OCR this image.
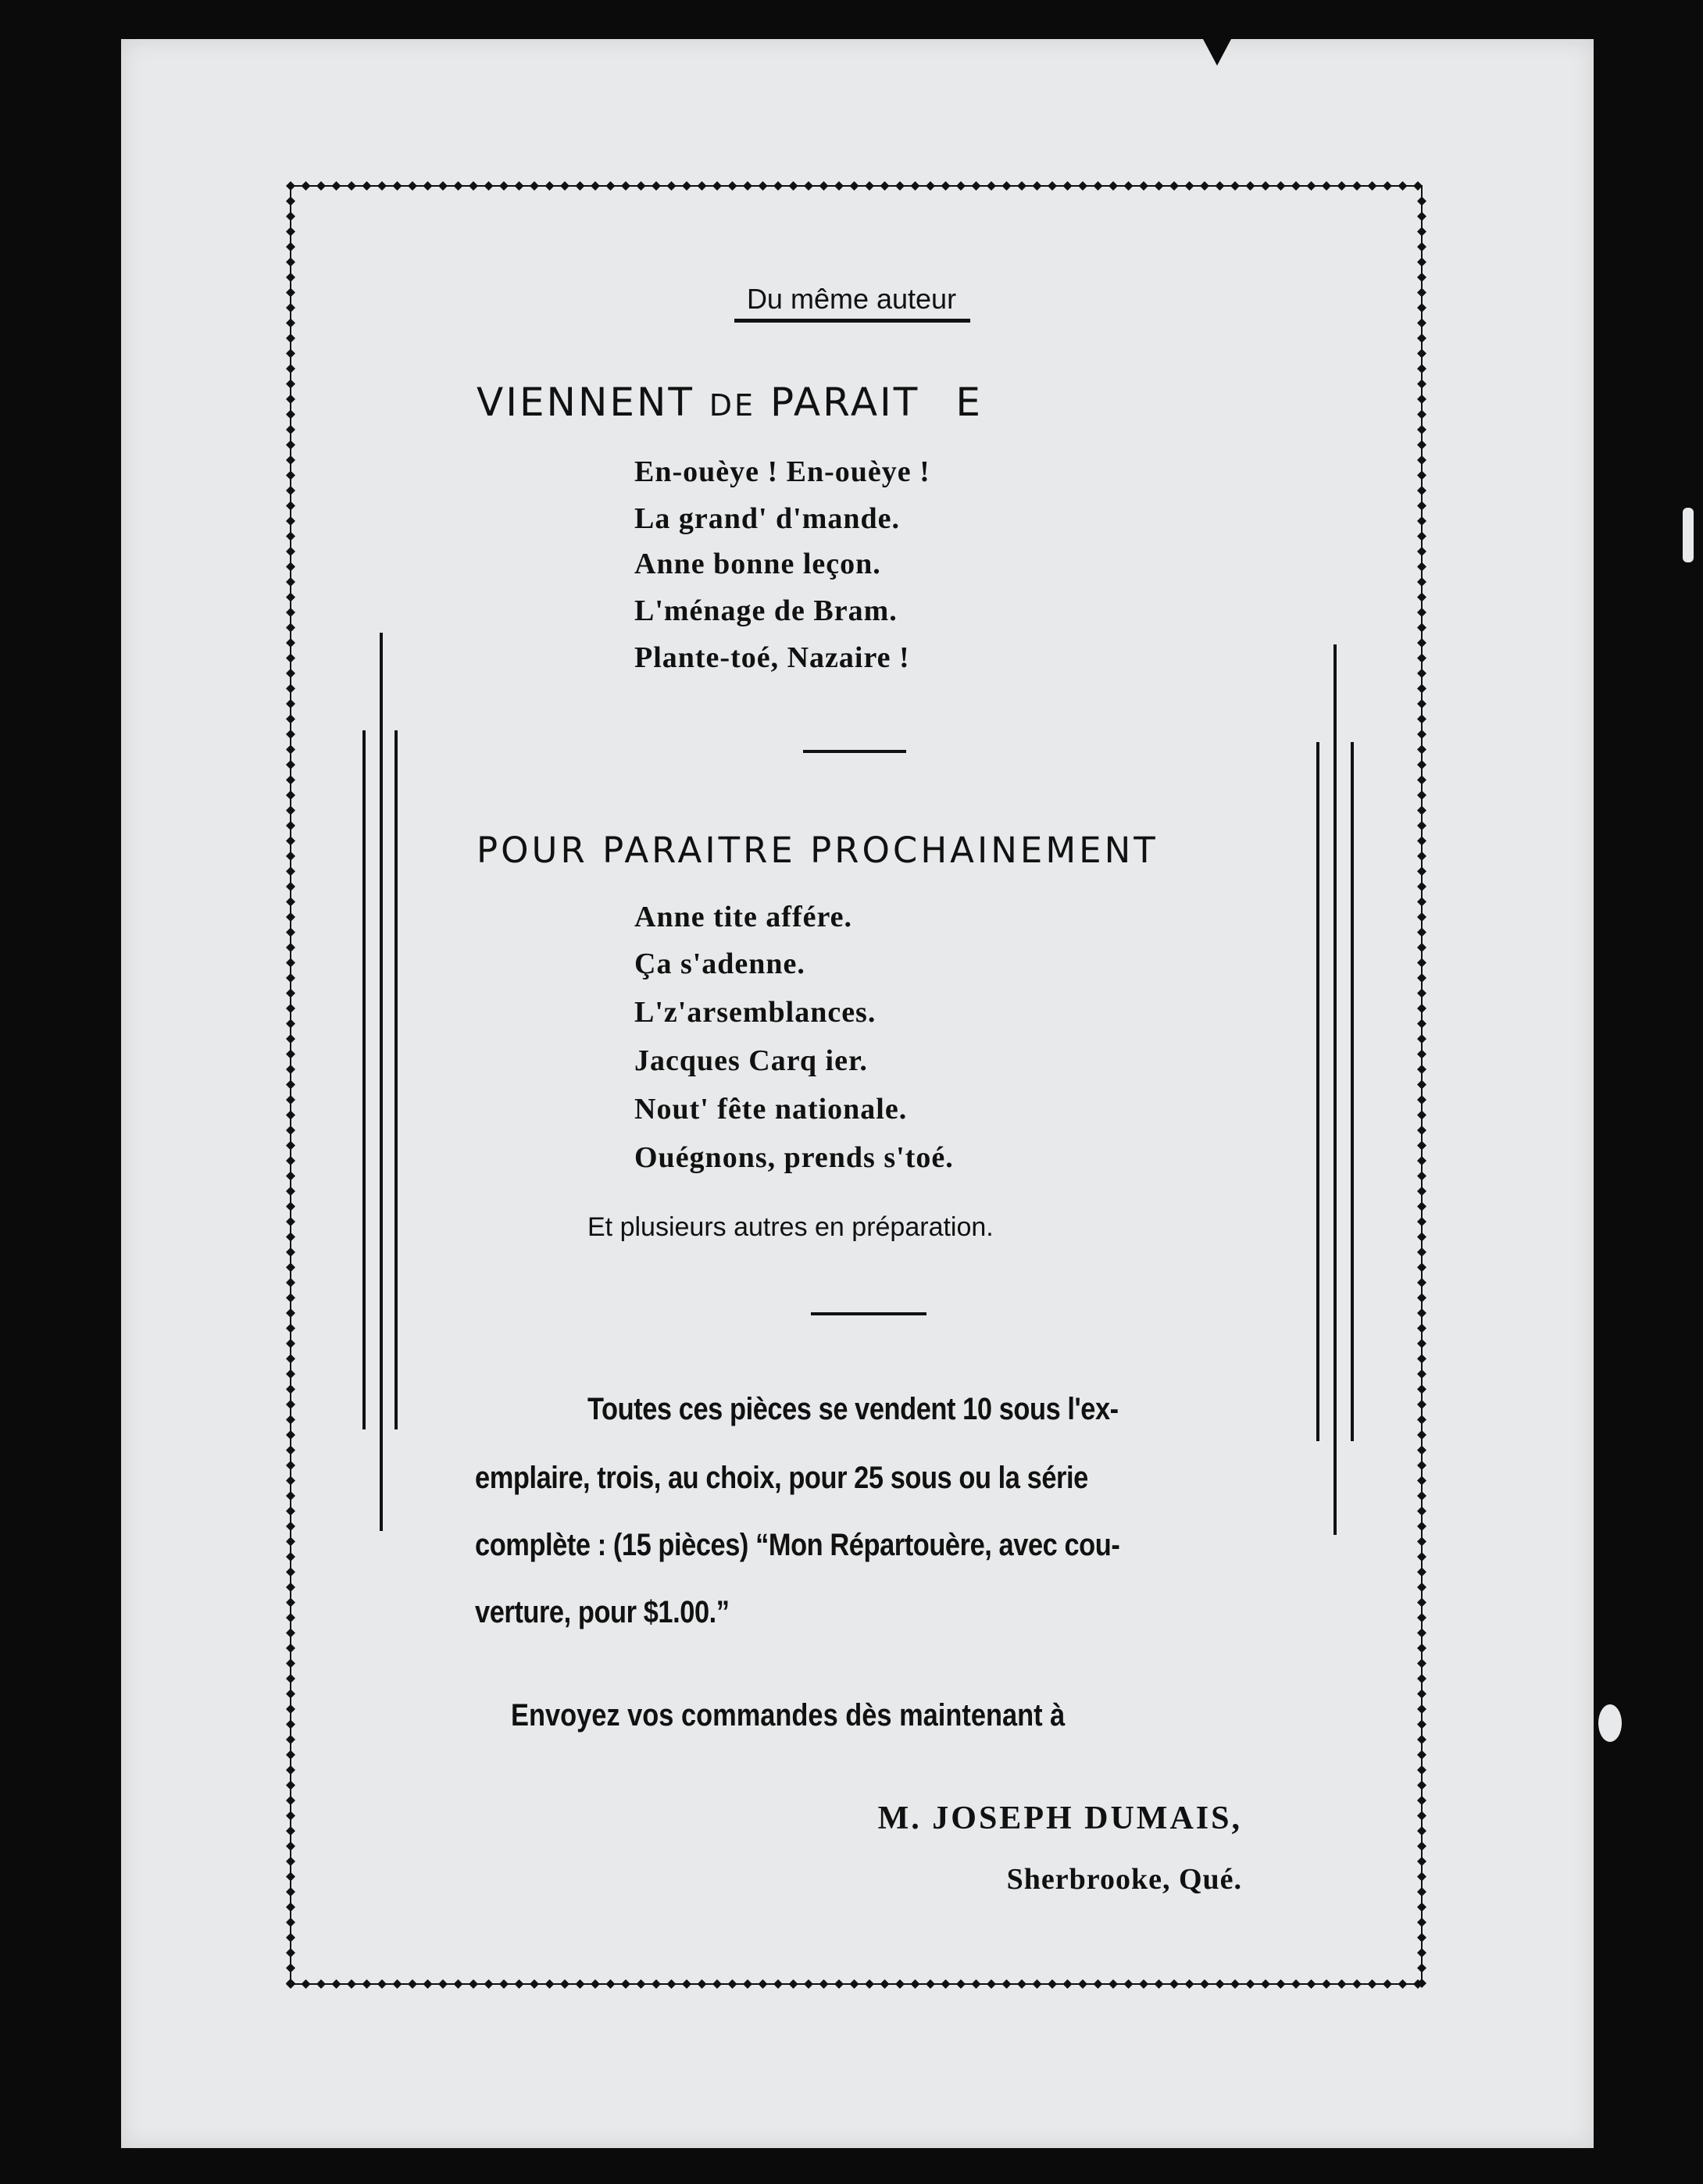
Du même auteur
VIENNENT DE PARAIT E
En-ouèye ! En-ouèye !
La grand' d'mande.
Anne bonne leçon.
L'ménage de Bram.
Plante-toé, Nazaire !
POUR PARAITRE PROCHAINEMENT
Anne tite affére.
Ça s'adenne.
L'z'arsemblances.
Jacques Carq ier.
Nout' fête nationale.
Ouégnons, prends s'toé.
Et plusieurs autres en préparation.
Toutes ces pièces se vendent 10 sous l'ex-
emplaire, trois, au choix, pour 25 sous ou la série
complète : (15 pièces) “Mon Répartouère, avec cou-
verture, pour $1.00.”
Envoyez vos commandes dès maintenant à
M. JOSEPH DUMAIS,
Sherbrooke, Qué.
